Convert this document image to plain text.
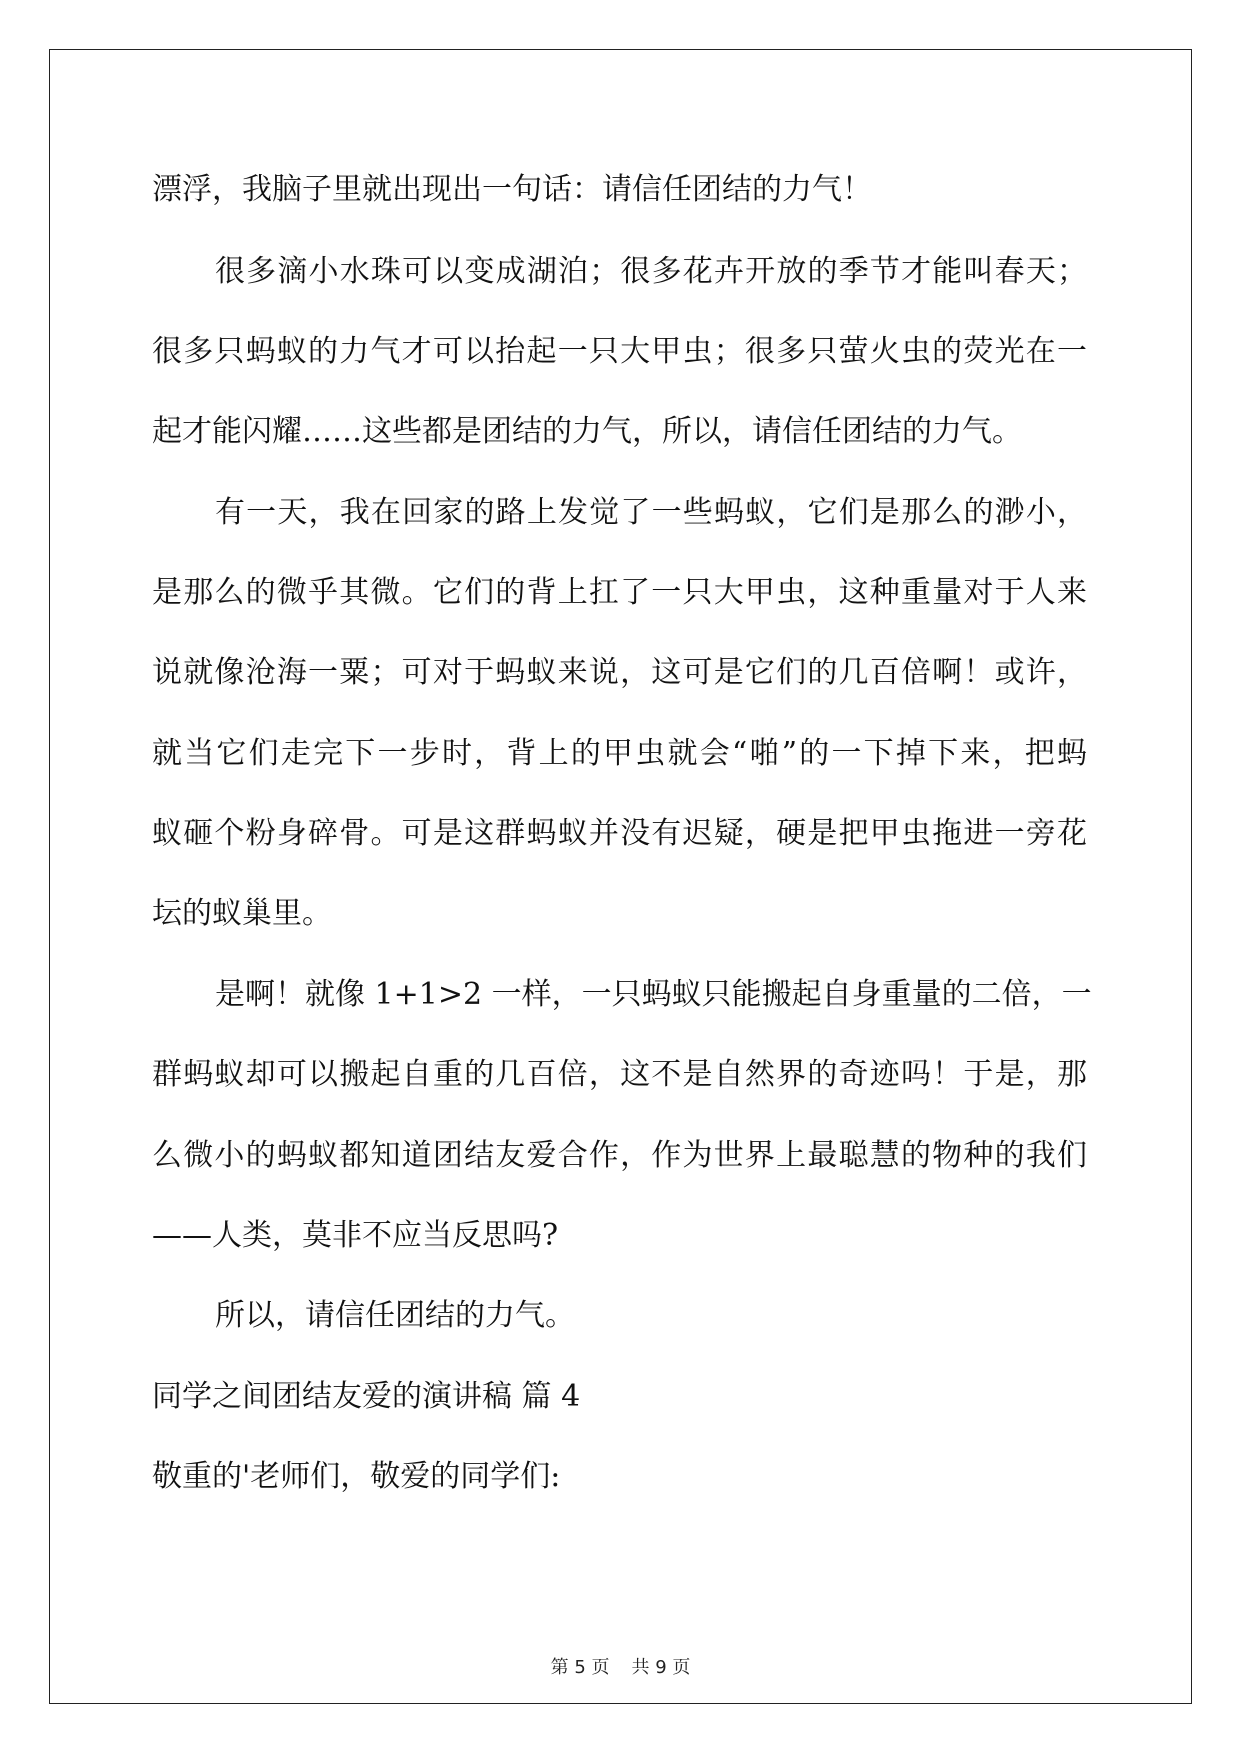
漂浮，我脑子里就出现出一句话：请信任团结的力气！
很多滴小水珠可以变成湖泊；很多花卉开放的季节才能叫春天；
很多只蚂蚁的力气才可以抬起一只大甲虫；很多只萤火虫的荧光在一
起才能闪耀……这些都是团结的力气，所以，请信任团结的力气。
有一天，我在回家的路上发觉了一些蚂蚁，它们是那么的渺小，
是那么的微乎其微。它们的背上扛了一只大甲虫，这种重量对于人来
说就像沧海一粟；可对于蚂蚁来说，这可是它们的几百倍啊！或许，
就当它们走完下一步时，背上的甲虫就会“啪”的一下掉下来，把蚂
蚁砸个粉身碎骨。可是这群蚂蚁并没有迟疑，硬是把甲虫拖进一旁花
坛的蚁巢里。
是啊！就像 1+1>2 一样，一只蚂蚁只能搬起自身重量的二倍，一
群蚂蚁却可以搬起自重的几百倍，这不是自然界的奇迹吗！于是，那
么微小的蚂蚁都知道团结友爱合作，作为世界上最聪慧的物种的我们
——人类，莫非不应当反思吗?
所以，请信任团结的力气。
同学之间团结友爱的演讲稿 篇 4
敬重的'老师们，敬爱的同学们:
第 5 页 共 9 页
